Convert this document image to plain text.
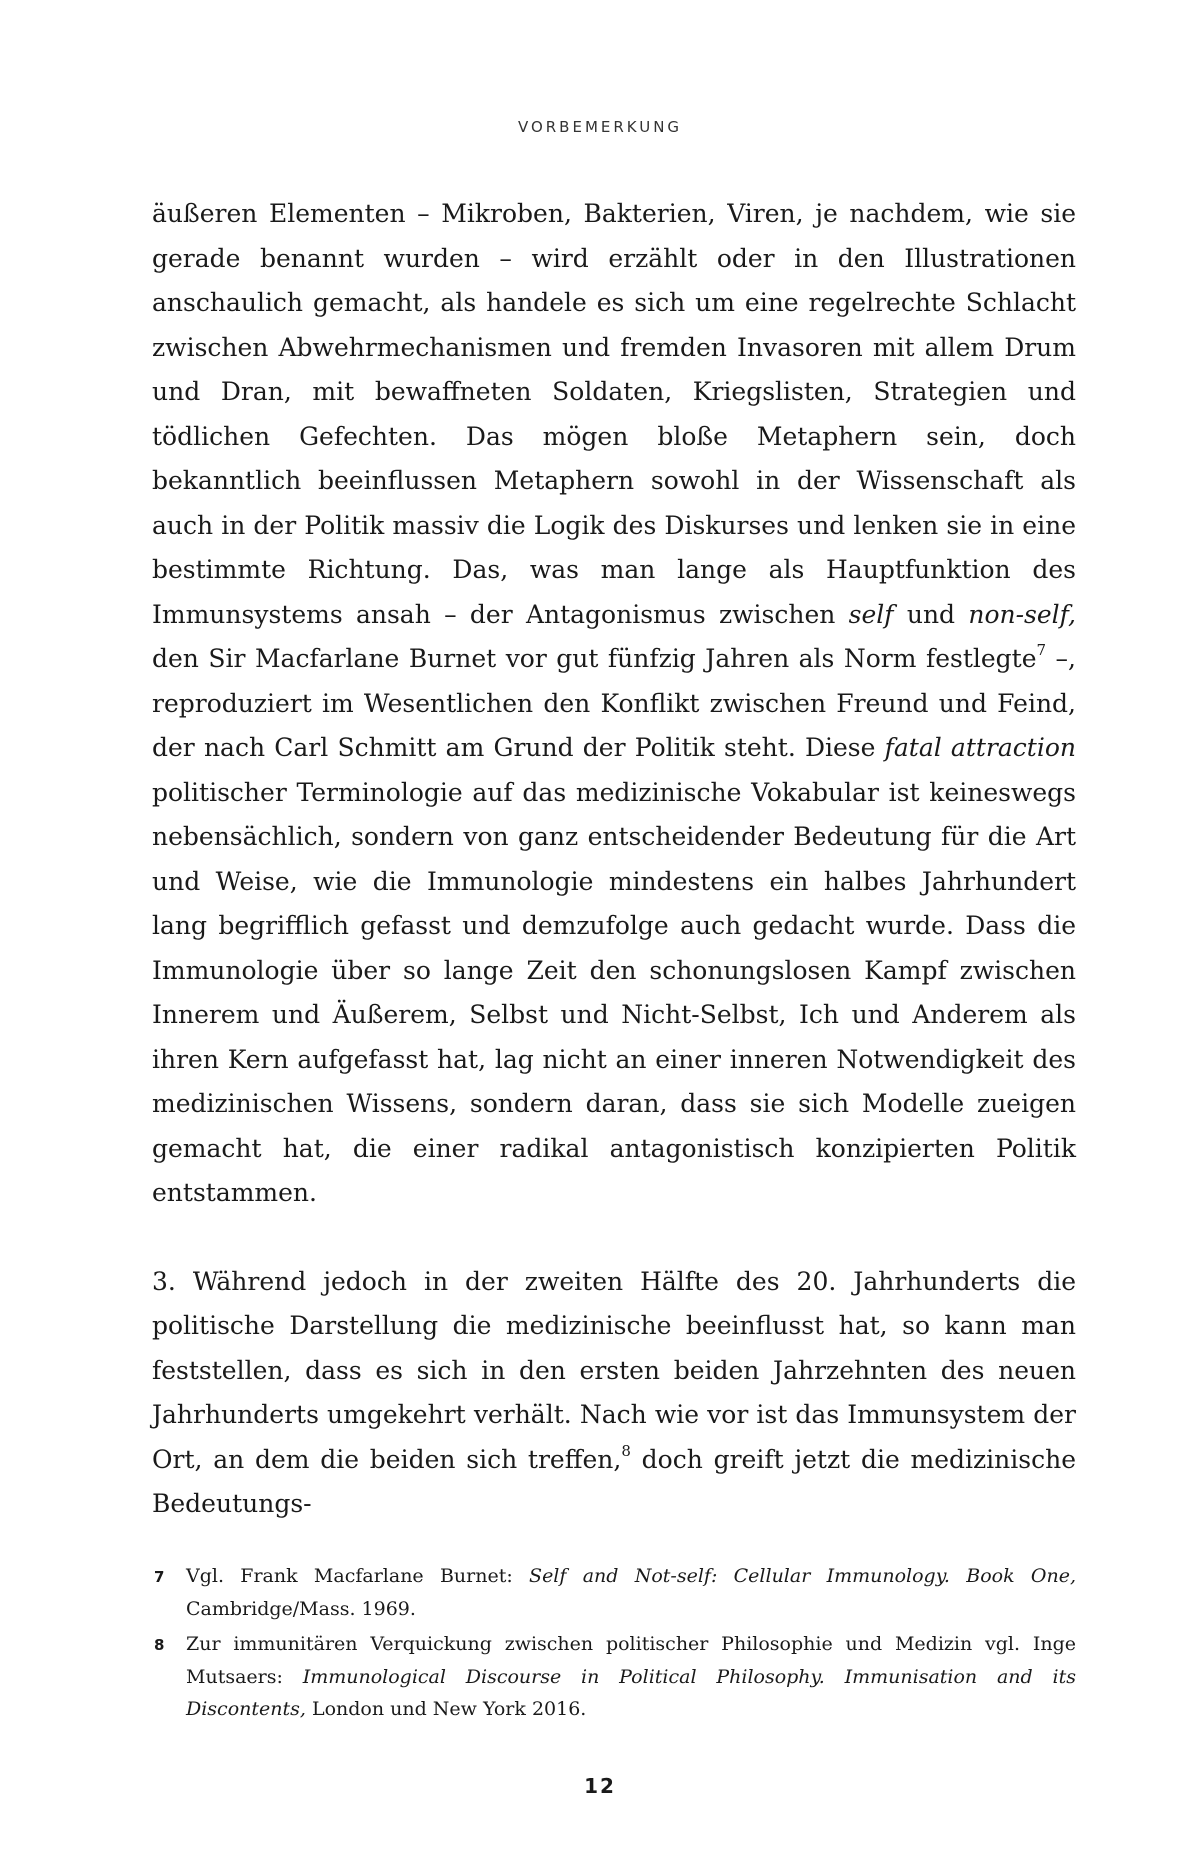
VORBEMERKUNG

äußeren Elementen – Mikroben, Bakterien, Viren, je nachdem, wie sie gerade benannt wurden – wird erzählt oder in den Illustrationen anschaulich gemacht, als handele es sich um eine regelrechte Schlacht zwischen Abwehrmechanismen und fremden Invasoren mit allem Drum und Dran, mit bewaffneten Soldaten, Kriegslisten, Strategien und tödlichen Gefechten. Das mögen bloße Metaphern sein, doch bekanntlich beeinflussen Metaphern sowohl in der Wissenschaft als auch in der Politik massiv die Logik des Diskurses und lenken sie in eine bestimmte Richtung. Das, was man lange als Hauptfunktion des Immunsystems ansah – der Antagonismus zwischen self und non-self, den Sir Macfarlane Burnet vor gut fünfzig Jahren als Norm festlegte$^7$ –, reproduziert im Wesentlichen den Konflikt zwischen Freund und Feind, der nach Carl Schmitt am Grund der Politik steht. Diese fatal attraction politischer Terminologie auf das medizinische Vokabular ist keineswegs nebensächlich, sondern von ganz entscheidender Bedeutung für die Art und Weise, wie die Immunologie mindestens ein halbes Jahrhundert lang begrifflich gefasst und demzufolge auch gedacht wurde. Dass die Immunologie über so lange Zeit den schonungslosen Kampf zwischen Innerem und Äußerem, Selbst und Nicht-Selbst, Ich und Anderem als ihren Kern aufgefasst hat, lag nicht an einer inneren Notwendigkeit des medizinischen Wissens, sondern daran, dass sie sich Modelle zueigen gemacht hat, die einer radikal antagonistisch konzipierten Politik entstammen.

3. Während jedoch in der zweiten Hälfte des 20. Jahrhunderts die politische Darstellung die medizinische beeinflusst hat, so kann man feststellen, dass es sich in den ersten beiden Jahrzehnten des neuen Jahrhunderts umgekehrt verhält. Nach wie vor ist das Immunsystem der Ort, an dem die beiden sich treffen,$^8$ doch greift jetzt die medizinische Bedeutungs-

7 Vgl. Frank Macfarlane Burnet: Self and Not-self: Cellular Immunology. Book One, Cambridge/Mass. 1969.

8 Zur immunitären Verquickung zwischen politischer Philosophie und Medizin vgl. Inge Mutsaers: Immunological Discourse in Political Philosophy. Immunisation and its Discontents, London und New York 2016.

12
